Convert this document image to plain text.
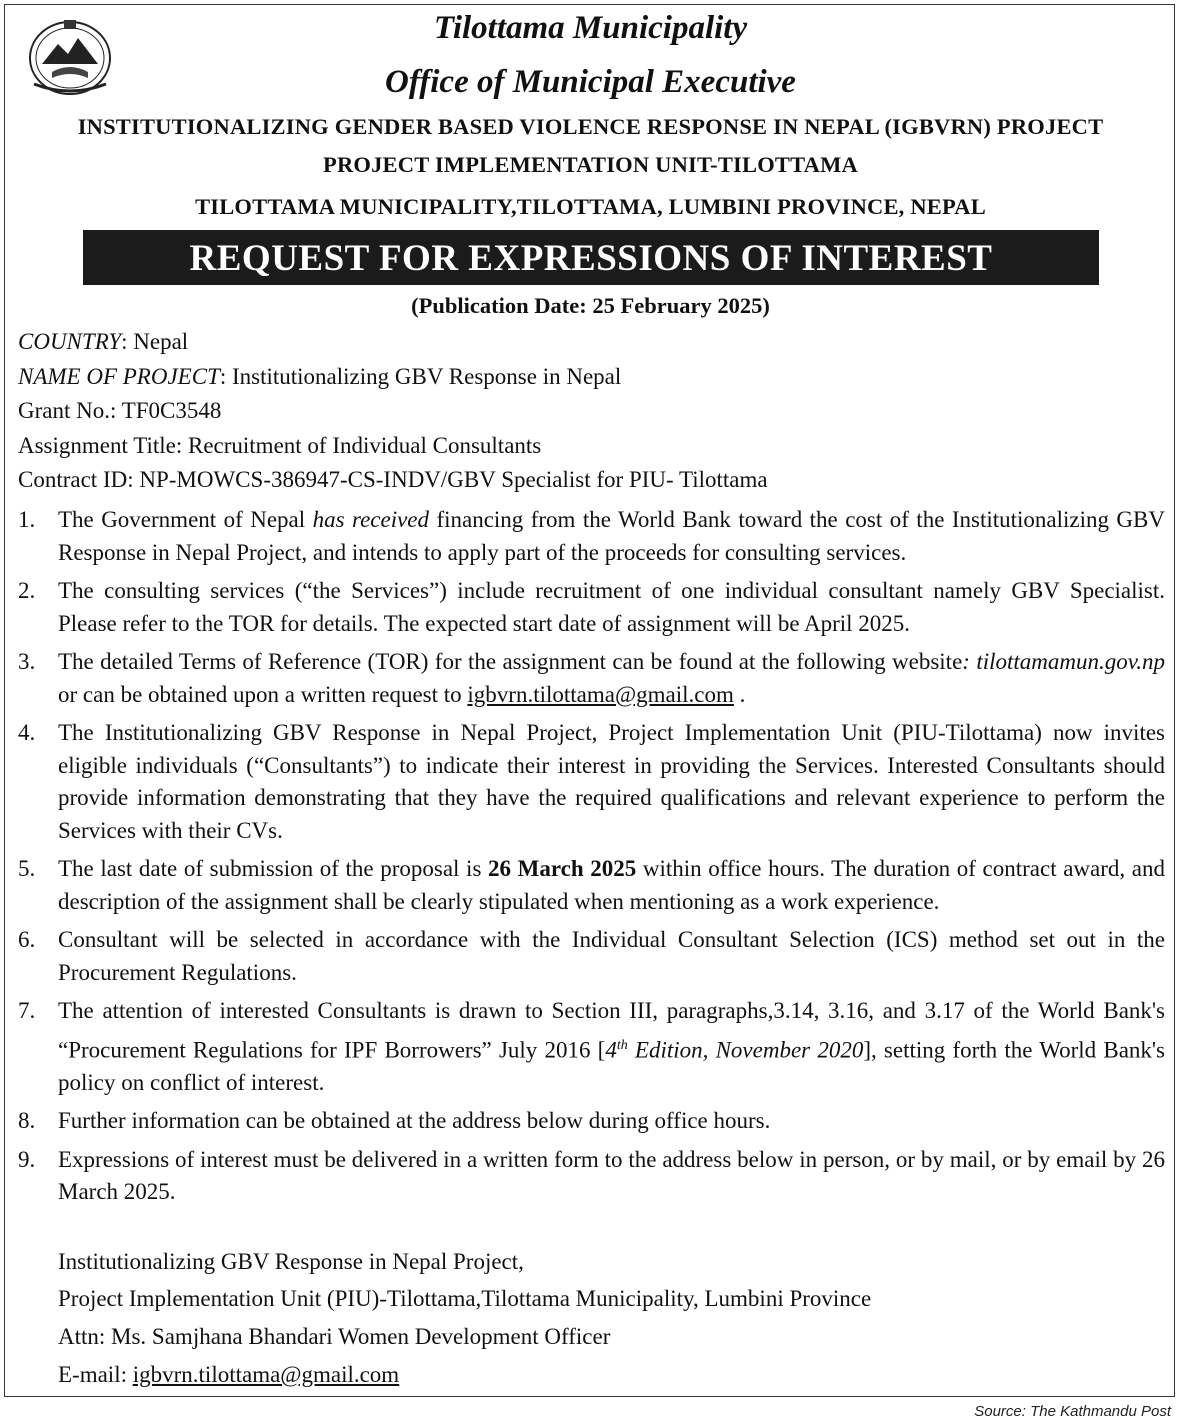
Tilottama Municipality
Office of Municipal Executive
INSTITUTIONALIZING GENDER BASED VIOLENCE RESPONSE IN NEPAL (IGBVRN) PROJECT
PROJECT IMPLEMENTATION UNIT-TILOTTAMA
TILOTTAMA MUNICIPALITY,TILOTTAMA, LUMBINI PROVINCE, NEPAL
REQUEST FOR EXPRESSIONS OF INTEREST
(Publication Date: 25 February 2025)
COUNTRY: Nepal
NAME OF PROJECT: Institutionalizing GBV Response in Nepal
Grant No.: TF0C3548
Assignment Title: Recruitment of Individual Consultants
Contract ID: NP-MOWCS-386947-CS-INDV/GBV Specialist for PIU- Tilottama
1. The Government of Nepal has received financing from the World Bank toward the cost of the Institutionalizing GBV Response in Nepal Project, and intends to apply part of the proceeds for consulting services.

2. The consulting services (“the Services”) include recruitment of one individual consultant namely GBV Specialist. Please refer to the TOR for details. The expected start date of assignment will be April 2025.

3. The detailed Terms of Reference (TOR) for the assignment can be found at the following website: tilottamamun.gov.np or can be obtained upon a written request to igbvrn.tilottama@gmail.com .

4. The Institutionalizing GBV Response in Nepal Project, Project Implementation Unit (PIU-Tilottama) now invites eligible individuals (“Consultants”) to indicate their interest in providing the Services. Interested Consultants should provide information demonstrating that they have the required qualifications and relevant experience to perform the Services with their CVs.

5. The last date of submission of the proposal is 26 March 2025 within office hours. The duration of contract award, and description of the assignment shall be clearly stipulated when mentioning as a work experience.

6. Consultant will be selected in accordance with the Individual Consultant Selection (ICS) method set out in the Procurement Regulations.

7. The attention of interested Consultants is drawn to Section III, paragraphs,3.14, 3.16, and 3.17 of the World Bank's “Procurement Regulations for IPF Borrowers” July 2016 [4th Edition, November 2020], setting forth the World Bank's policy on conflict of interest.

8. Further information can be obtained at the address below during office hours.

9. Expressions of interest must be delivered in a written form to the address below in person, or by mail, or by email by 26 March 2025.

Institutionalizing GBV Response in Nepal Project,
Project Implementation Unit (PIU)-Tilottama,Tilottama Municipality, Lumbini Province
Attn: Ms. Samjhana Bhandari Women Development Officer
E-mail: igbvrn.tilottama@gmail.com
Source: The Kathmandu Post
